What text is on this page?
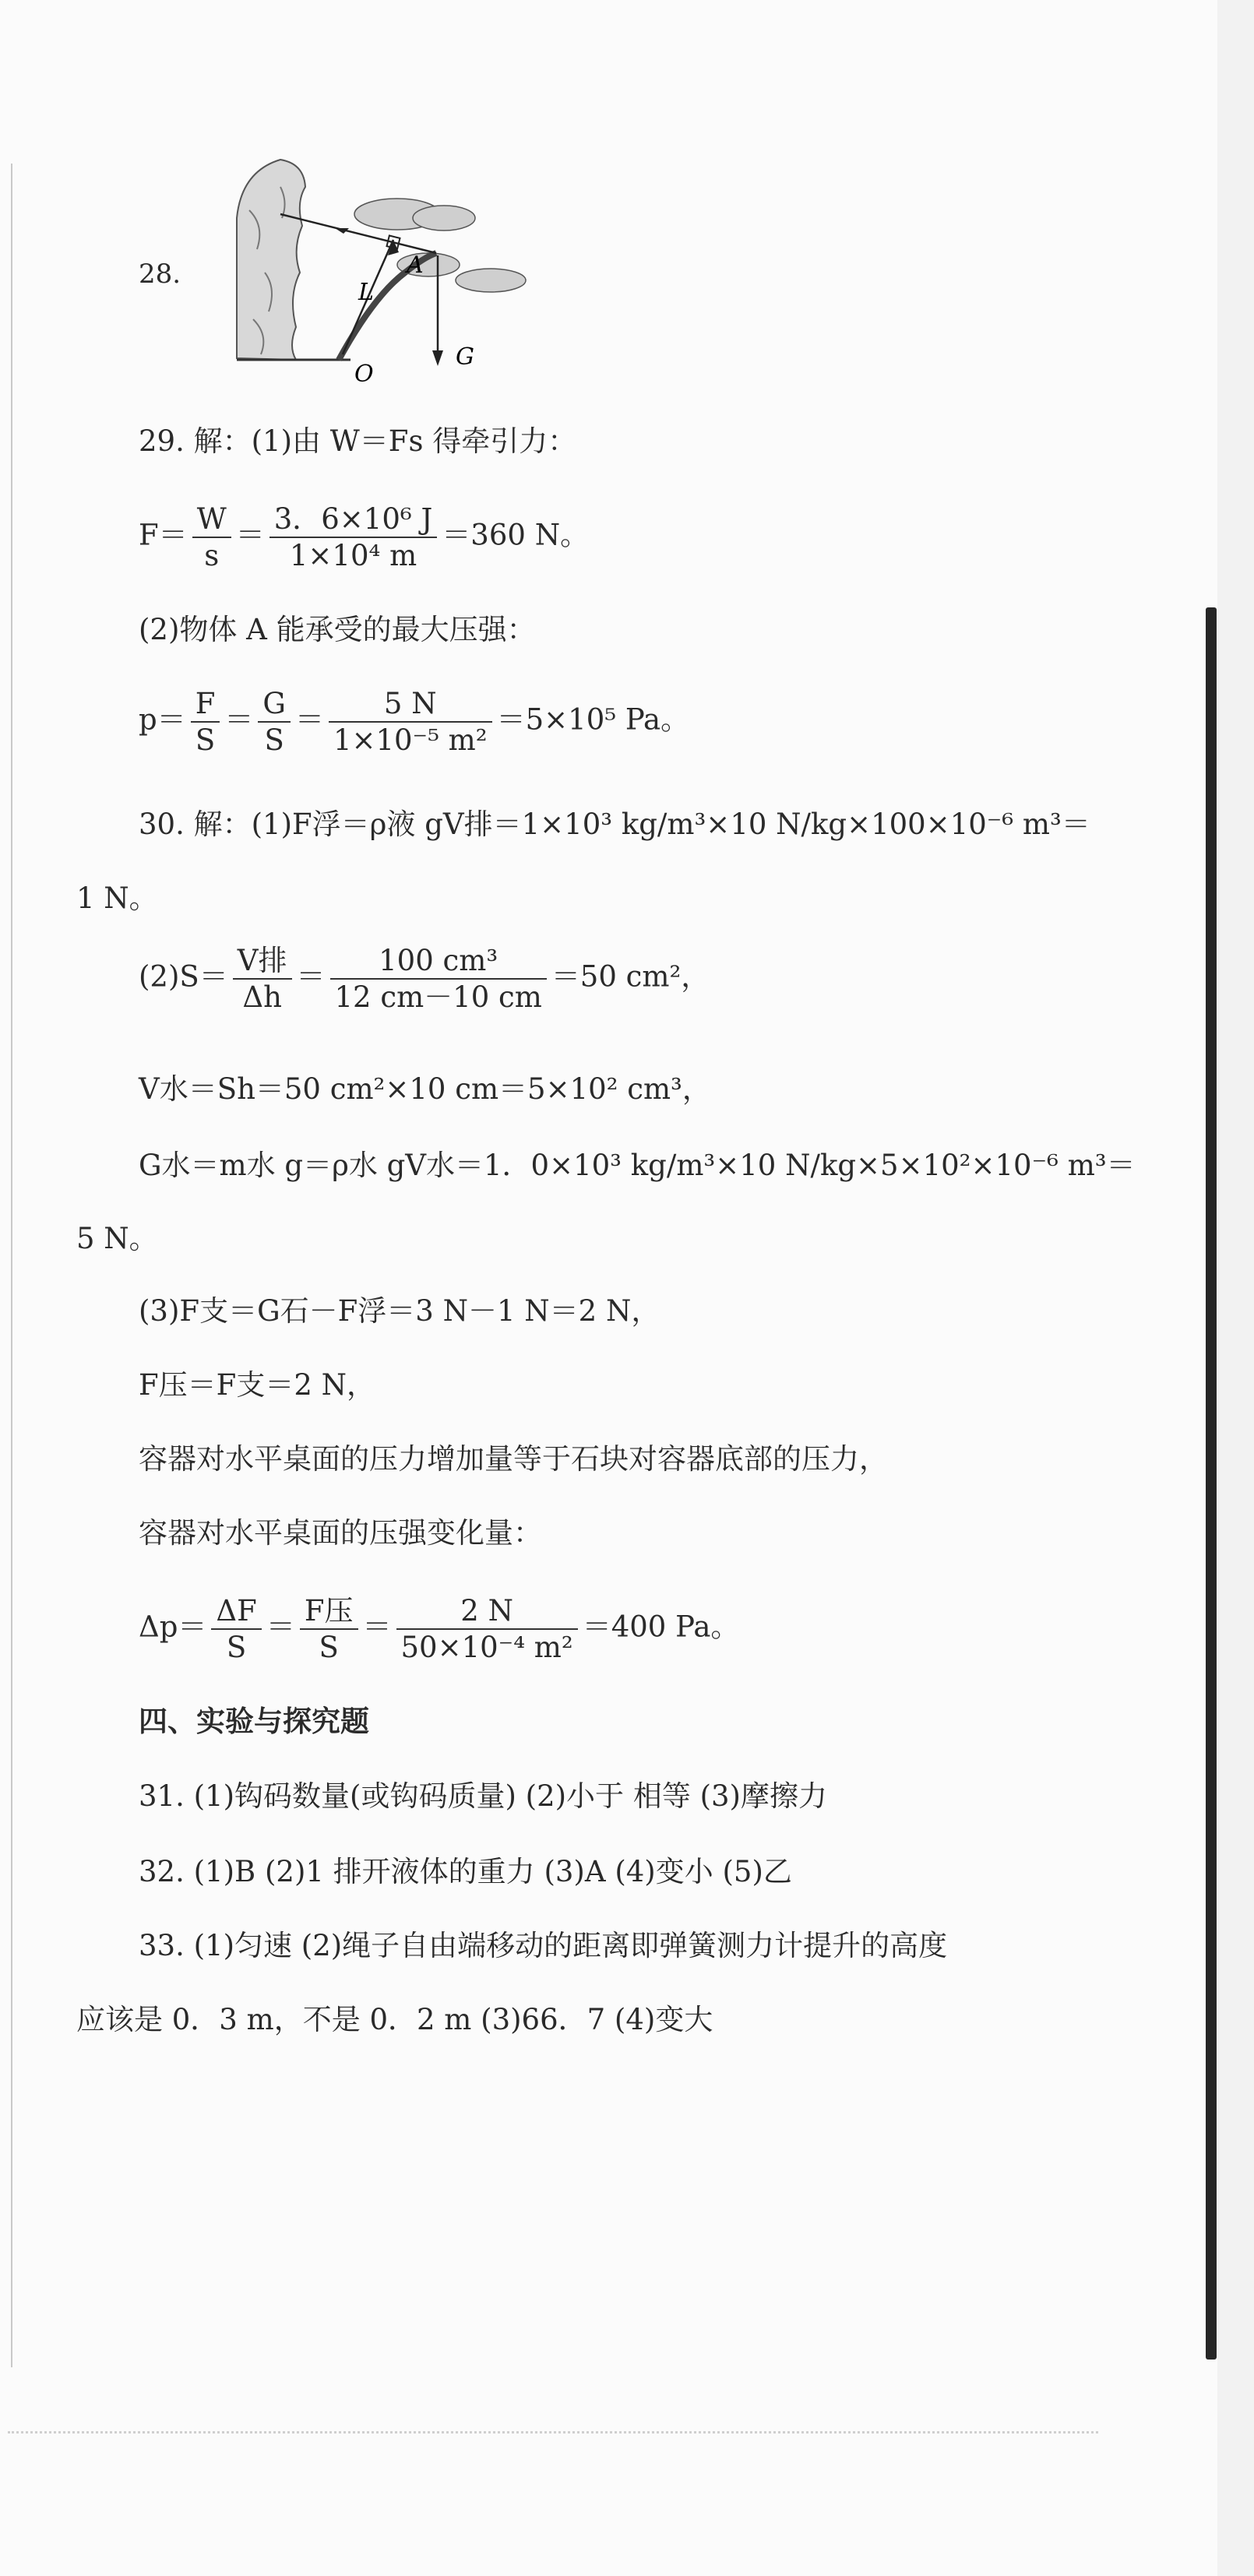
28.	A
L
O
G
29. 解：(1)由 W＝Fs 得牵引力：
$F= \frac{W}{s} = \frac{\text{3．6×10⁶ J}}{\text{1×10⁴ m}} =360$ N。
(2)物体 A 能承受的最大压强：
$p= \frac{F}{S} = \frac{G}{S} = \frac{5 N}{\text{1×10⁻⁵ m²}} =5\times 10^5$ Pa。
30. 解：(1)F浮＝ρ液 gV排＝1×10³ kg/m³×10 N/kg×100×10⁻⁶ m³＝
1 N。
$(2)S= \frac{\text{V排}}{\Delta h} = \frac{\text{100 cm³}}{12 cm-10 cm} =50$ cm²，
V水＝Sh＝50 cm²×10 cm＝5×10² cm³，
G水＝m水 g＝ρ水 gV水＝1．0×10³ kg/m³×10 N/kg×5×10²×10⁻⁶ m³＝
5 N。
(3)F支＝G石－F浮＝3 N－1 N＝2 N，
F压＝F支＝2 N，
容器对水平桌面的压力增加量等于石块对容器底部的压力，
容器对水平桌面的压强变化量：
$\Delta p= \frac{\Delta F}{S} = \frac{\text{F压}}{S} = \frac{2 N}{\text{50×10⁻⁴ m²}} =400$ Pa。
四、实验与探究题
31. (1)钩码数量(或钩码质量) (2)小于 相等 (3)摩擦力
32. (1)B (2)1 排开液体的重力 (3)A (4)变小 (5)乙
33. (1)匀速 (2)绳子自由端移动的距离即弹簧测力计提升的高度
应该是 0．3 m，不是 0．2 m (3)66．7 (4)变大
